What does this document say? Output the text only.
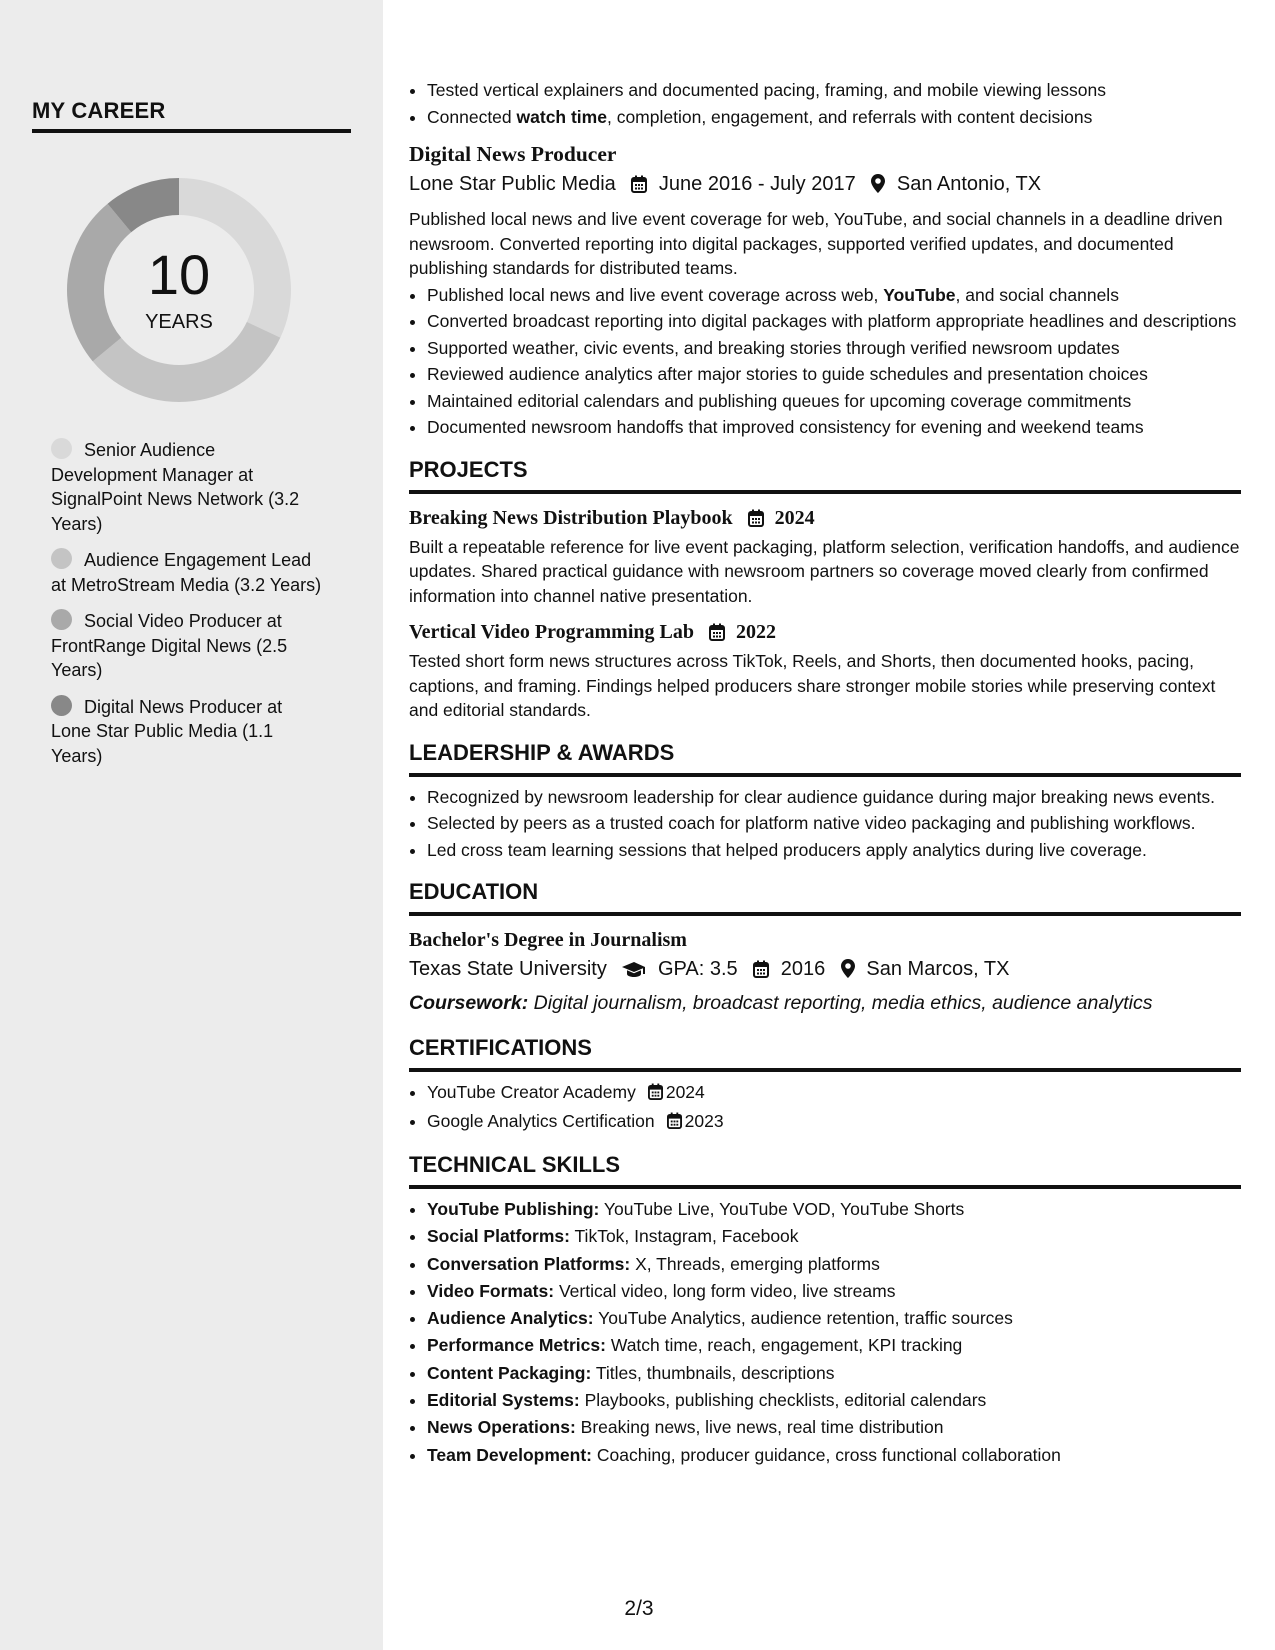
MY CAREER
10
YEARS
Senior Audience Development Manager at SignalPoint News Network (3.2 Years)
Audience Engagement Lead at MetroStream Media (3.2 Years)
Social Video Producer at FrontRange Digital News (2.5 Years)
Digital News Producer at Lone Star Public Media (1.1 Years)
• Tested vertical explainers and documented pacing, framing, and mobile viewing lessons
• Connected watch time, completion, engagement, and referrals with content decisions
Digital News Producer
Lone Star Public Media June 2016 - July 2017 San Antonio, TX
Published local news and live event coverage for web, YouTube, and social channels in a deadline driven newsroom. Converted reporting into digital packages, supported verified updates, and documented publishing standards for distributed teams.
• Published local news and live event coverage across web, YouTube, and social channels
• Converted broadcast reporting into digital packages with platform appropriate headlines and descriptions
• Supported weather, civic events, and breaking stories through verified newsroom updates
• Reviewed audience analytics after major stories to guide schedules and presentation choices
• Maintained editorial calendars and publishing queues for upcoming coverage commitments
• Documented newsroom handoffs that improved consistency for evening and weekend teams
PROJECTS
Breaking News Distribution Playbook 2024
Built a repeatable reference for live event packaging, platform selection, verification handoffs, and audience updates. Shared practical guidance with newsroom partners so coverage moved clearly from confirmed information into channel native presentation.
Vertical Video Programming Lab 2022
Tested short form news structures across TikTok, Reels, and Shorts, then documented hooks, pacing, captions, and framing. Findings helped producers share stronger mobile stories while preserving context and editorial standards.
LEADERSHIP & AWARDS
• Recognized by newsroom leadership for clear audience guidance during major breaking news events.
• Selected by peers as a trusted coach for platform native video packaging and publishing workflows.
• Led cross team learning sessions that helped producers apply analytics during live coverage.
EDUCATION
Bachelor's Degree in Journalism
Texas State University	GPA: 3.5 2016 San Marcos, TX
Coursework: Digital journalism, broadcast reporting, media ethics, audience analytics
CERTIFICATIONS
• YouTube Creator Academy 2024
• Google Analytics Certification 2023
TECHNICAL SKILLS
• YouTube Publishing: YouTube Live, YouTube VOD, YouTube Shorts
• Social Platforms: TikTok, Instagram, Facebook
• Conversation Platforms: X, Threads, emerging platforms
• Video Formats: Vertical video, long form video, live streams
• Audience Analytics: YouTube Analytics, audience retention, traffic sources
• Performance Metrics: Watch time, reach, engagement, KPI tracking
• Content Packaging: Titles, thumbnails, descriptions
• Editorial Systems: Playbooks, publishing checklists, editorial calendars
• News Operations: Breaking news, live news, real time distribution
• Team Development: Coaching, producer guidance, cross functional collaboration
2/3
